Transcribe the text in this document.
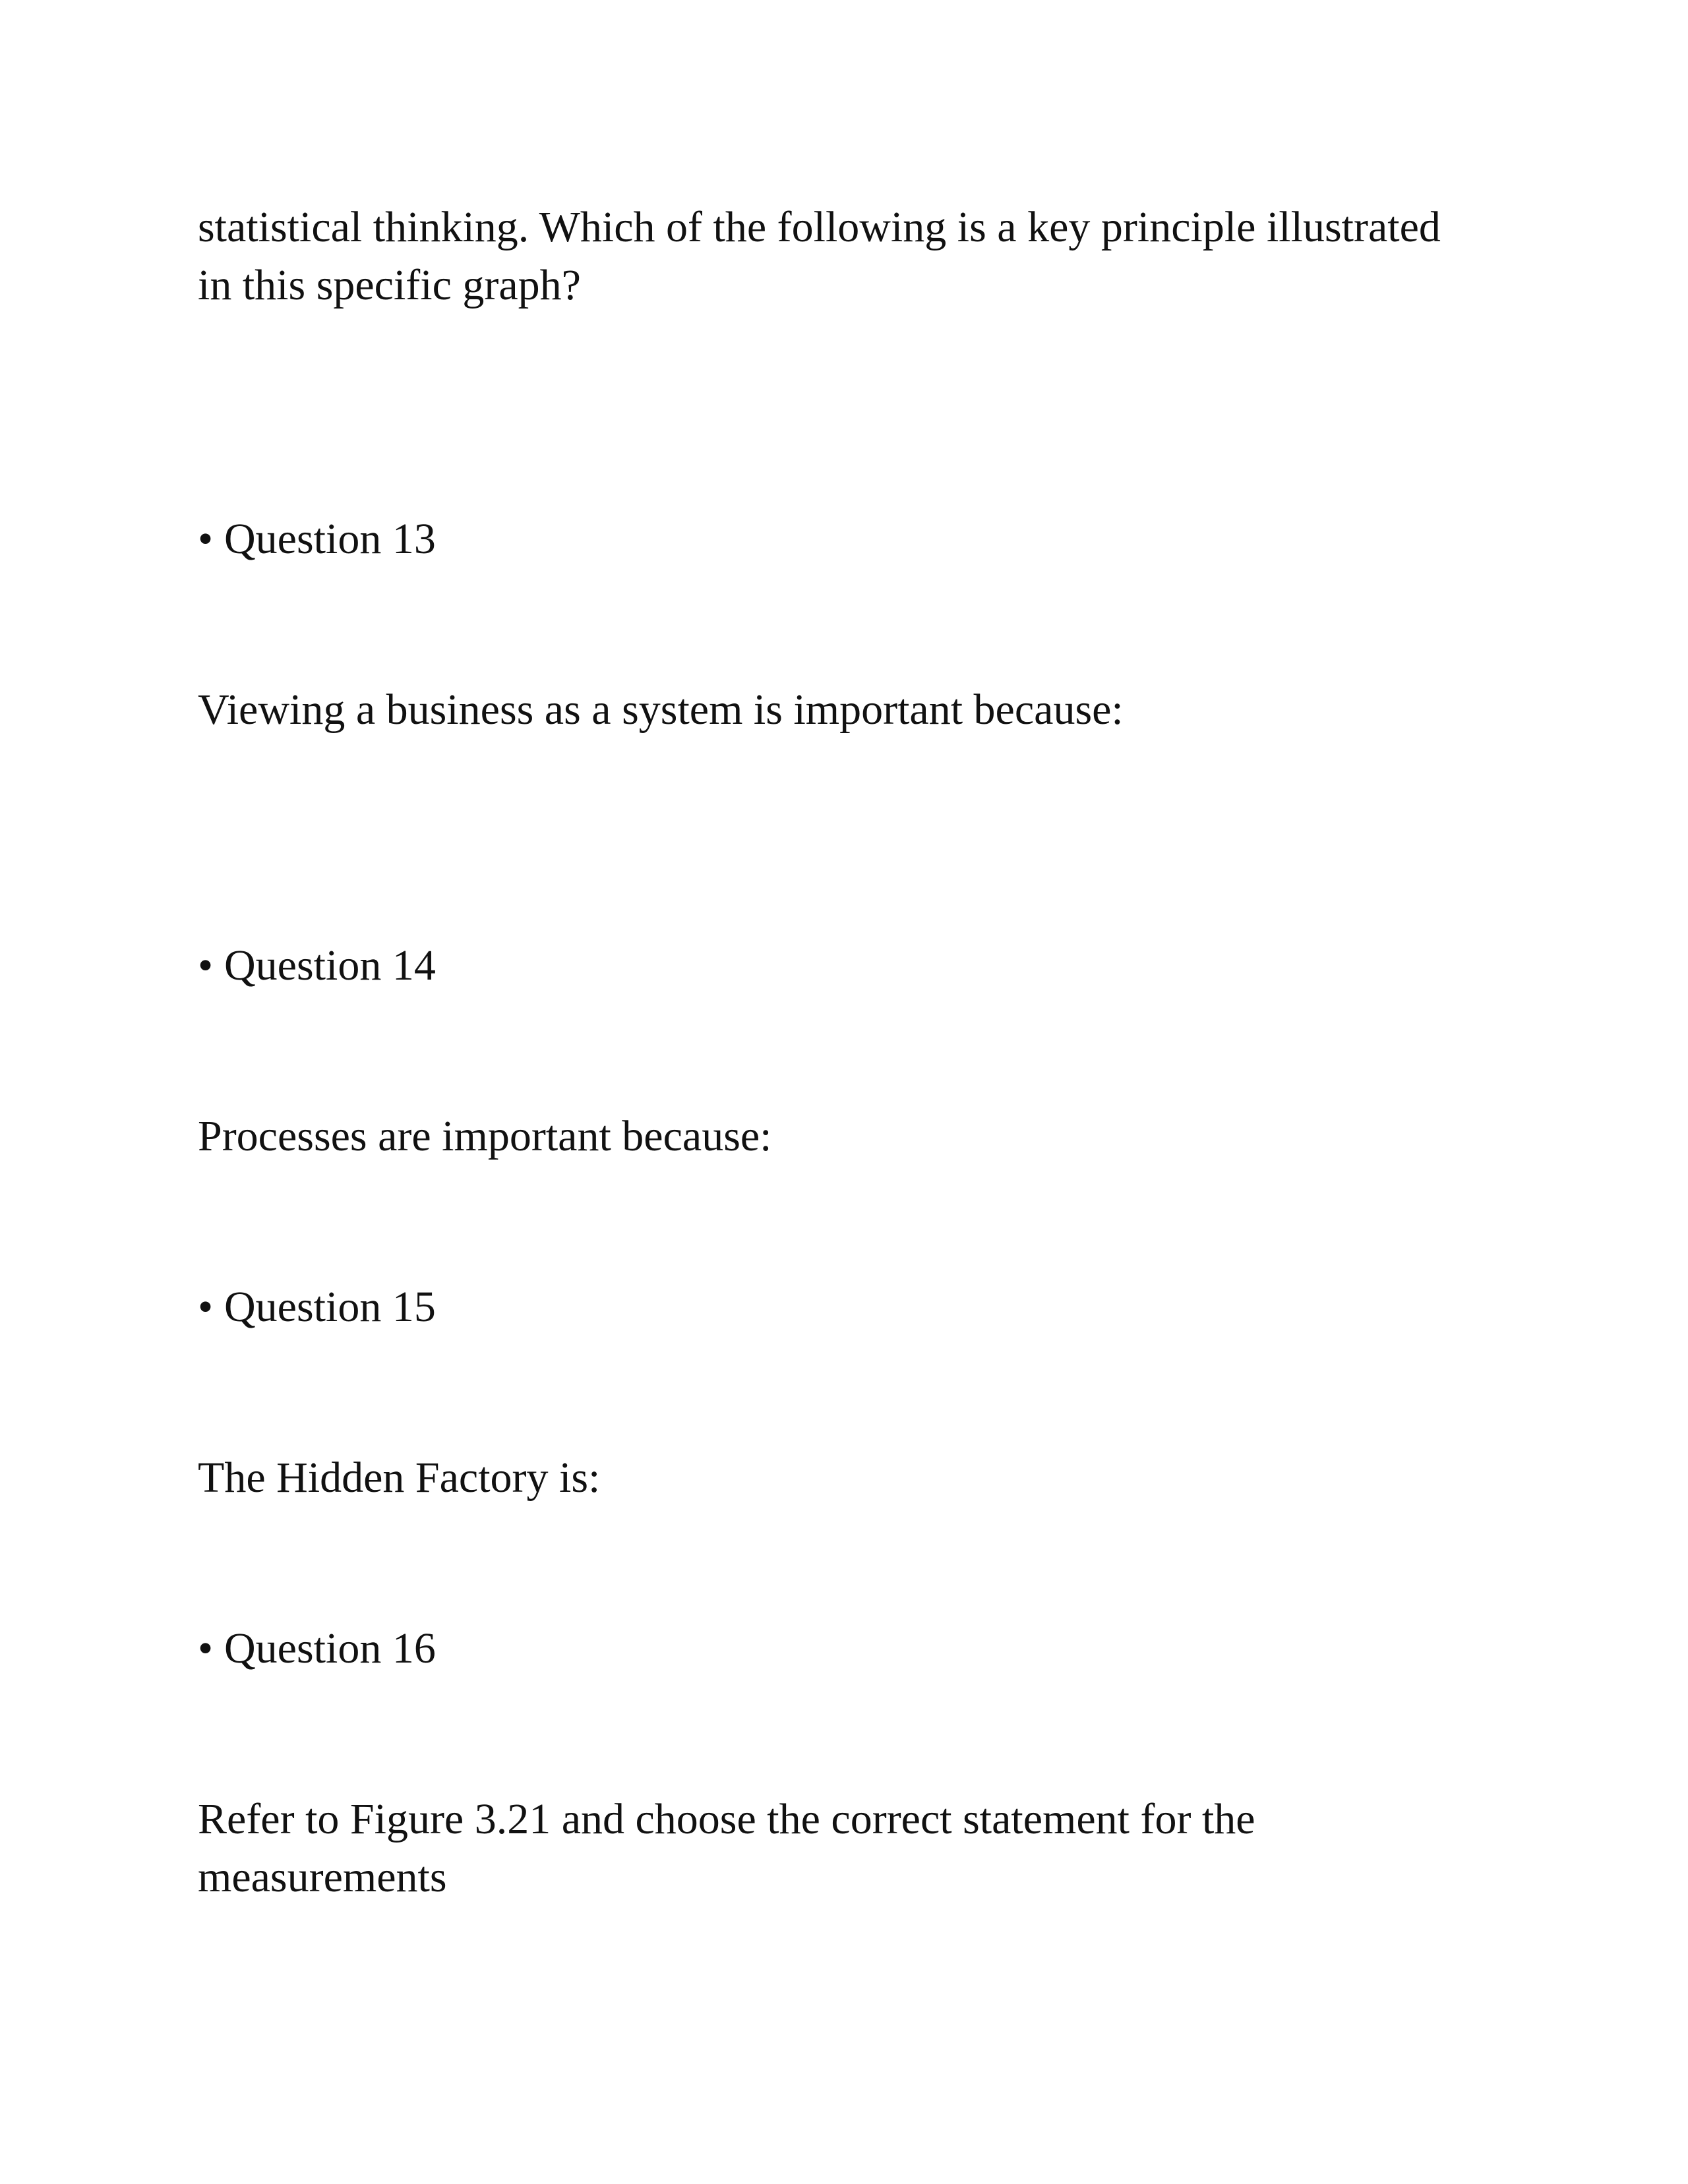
statistical thinking. Which of the following is a key principle illustrated

in this specific graph?

• Question 13

Viewing a business as a system is important because:

• Question 14

Processes are important because:

• Question 15

The Hidden Factory is:

• Question 16

Refer to Figure 3.21 and choose the correct statement for the

measurements
